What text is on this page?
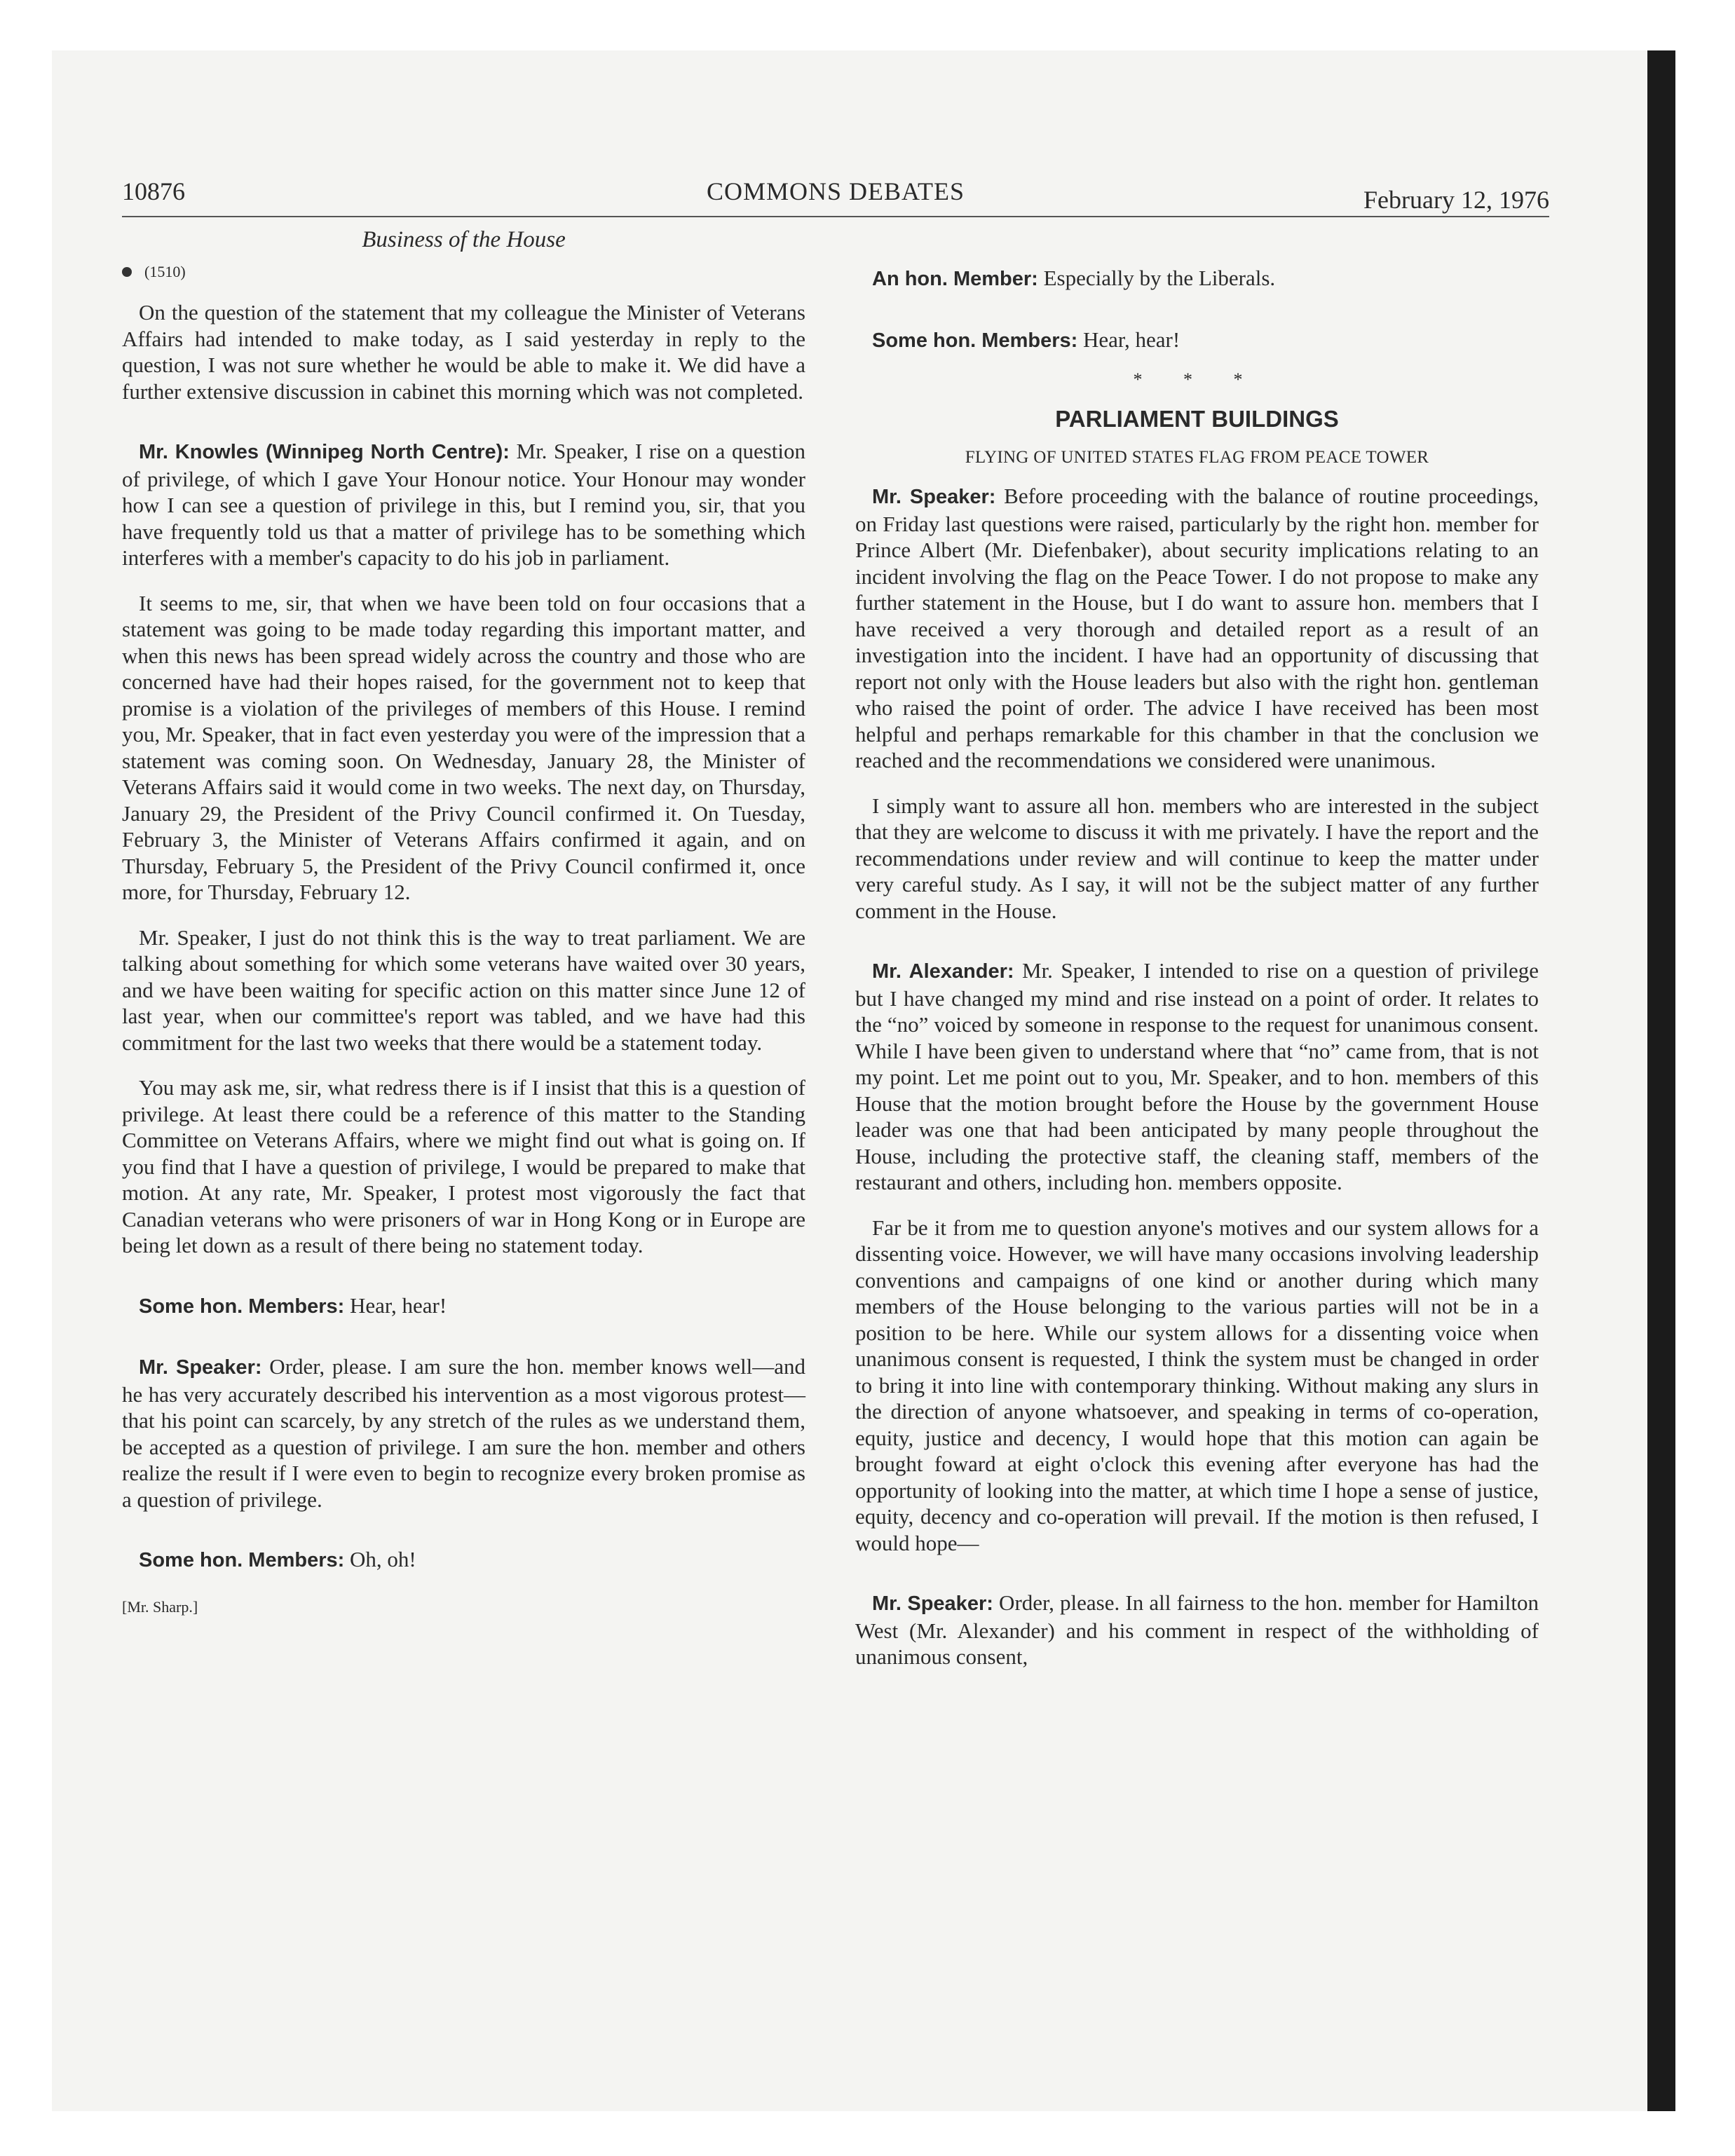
10876	COMMONS DEBATES	February 12, 1976
Business of the House
(1510)

On the question of the statement that my colleague the Minister of Veterans Affairs had intended to make today, as I said yesterday in reply to the question, I was not sure whether he would be able to make it. We did have a further extensive discussion in cabinet this morning which was not completed.

Mr. Knowles (Winnipeg North Centre): Mr. Speaker, I rise on a question of privilege, of which I gave Your Honour notice. Your Honour may wonder how I can see a question of privilege in this, but I remind you, sir, that you have frequently told us that a matter of privilege has to be something which interferes with a member's capacity to do his job in parliament.

It seems to me, sir, that when we have been told on four occasions that a statement was going to be made today regarding this important matter, and when this news has been spread widely across the country and those who are concerned have had their hopes raised, for the government not to keep that promise is a violation of the privileges of members of this House. I remind you, Mr. Speaker, that in fact even yesterday you were of the impression that a statement was coming soon. On Wednesday, January 28, the Minister of Veterans Affairs said it would come in two weeks. The next day, on Thursday, January 29, the President of the Privy Council confirmed it. On Tuesday, February 3, the Minister of Veterans Affairs confirmed it again, and on Thursday, February 5, the President of the Privy Council confirmed it, once more, for Thursday, February 12.

Mr. Speaker, I just do not think this is the way to treat parliament. We are talking about something for which some veterans have waited over 30 years, and we have been waiting for specific action on this matter since June 12 of last year, when our committee's report was tabled, and we have had this commitment for the last two weeks that there would be a statement today.

You may ask me, sir, what redress there is if I insist that this is a question of privilege. At least there could be a reference of this matter to the Standing Committee on Veterans Affairs, where we might find out what is going on. If you find that I have a question of privilege, I would be prepared to make that motion. At any rate, Mr. Speaker, I protest most vigorously the fact that Canadian veterans who were prisoners of war in Hong Kong or in Europe are being let down as a result of there being no statement today.

Some hon. Members: Hear, hear!

Mr. Speaker: Order, please. I am sure the hon. member knows well—and he has very accurately described his intervention as a most vigorous protest—that his point can scarcely, by any stretch of the rules as we understand them, be accepted as a question of privilege. I am sure the hon. member and others realize the result if I were even to begin to recognize every broken promise as a question of privilege.

Some hon. Members: Oh, oh!

[Mr. Sharp.]

An hon. Member: Especially by the Liberals.

Some hon. Members: Hear, hear!

* * *
PARLIAMENT BUILDINGS
FLYING OF UNITED STATES FLAG FROM PEACE TOWER

Mr. Speaker: Before proceeding with the balance of routine proceedings, on Friday last questions were raised, particularly by the right hon. member for Prince Albert (Mr. Diefenbaker), about security implications relating to an incident involving the flag on the Peace Tower. I do not propose to make any further statement in the House, but I do want to assure hon. members that I have received a very thorough and detailed report as a result of an investigation into the incident. I have had an opportunity of discussing that report not only with the House leaders but also with the right hon. gentleman who raised the point of order. The advice I have received has been most helpful and perhaps remarkable for this chamber in that the conclusion we reached and the recommendations we considered were unanimous.

I simply want to assure all hon. members who are interested in the subject that they are welcome to discuss it with me privately. I have the report and the recommendations under review and will continue to keep the matter under very careful study. As I say, it will not be the subject matter of any further comment in the House.

Mr. Alexander: Mr. Speaker, I intended to rise on a question of privilege but I have changed my mind and rise instead on a point of order. It relates to the “no” voiced by someone in response to the request for unanimous consent. While I have been given to understand where that “no” came from, that is not my point. Let me point out to you, Mr. Speaker, and to hon. members of this House that the motion brought before the House by the government House leader was one that had been anticipated by many people throughout the House, including the protective staff, the cleaning staff, members of the restaurant and others, including hon. members opposite.

Far be it from me to question anyone's motives and our system allows for a dissenting voice. However, we will have many occasions involving leadership conventions and campaigns of one kind or another during which many members of the House belonging to the various parties will not be in a position to be here. While our system allows for a dissenting voice when unanimous consent is requested, I think the system must be changed in order to bring it into line with contemporary thinking. Without making any slurs in the direction of anyone whatsoever, and speaking in terms of co-operation, equity, justice and decency, I would hope that this motion can again be brought foward at eight o'clock this evening after everyone has had the opportunity of looking into the matter, at which time I hope a sense of justice, equity, decency and co-operation will prevail. If the motion is then refused, I would hope—

Mr. Speaker: Order, please. In all fairness to the hon. member for Hamilton West (Mr. Alexander) and his comment in respect of the withholding of unanimous consent,
